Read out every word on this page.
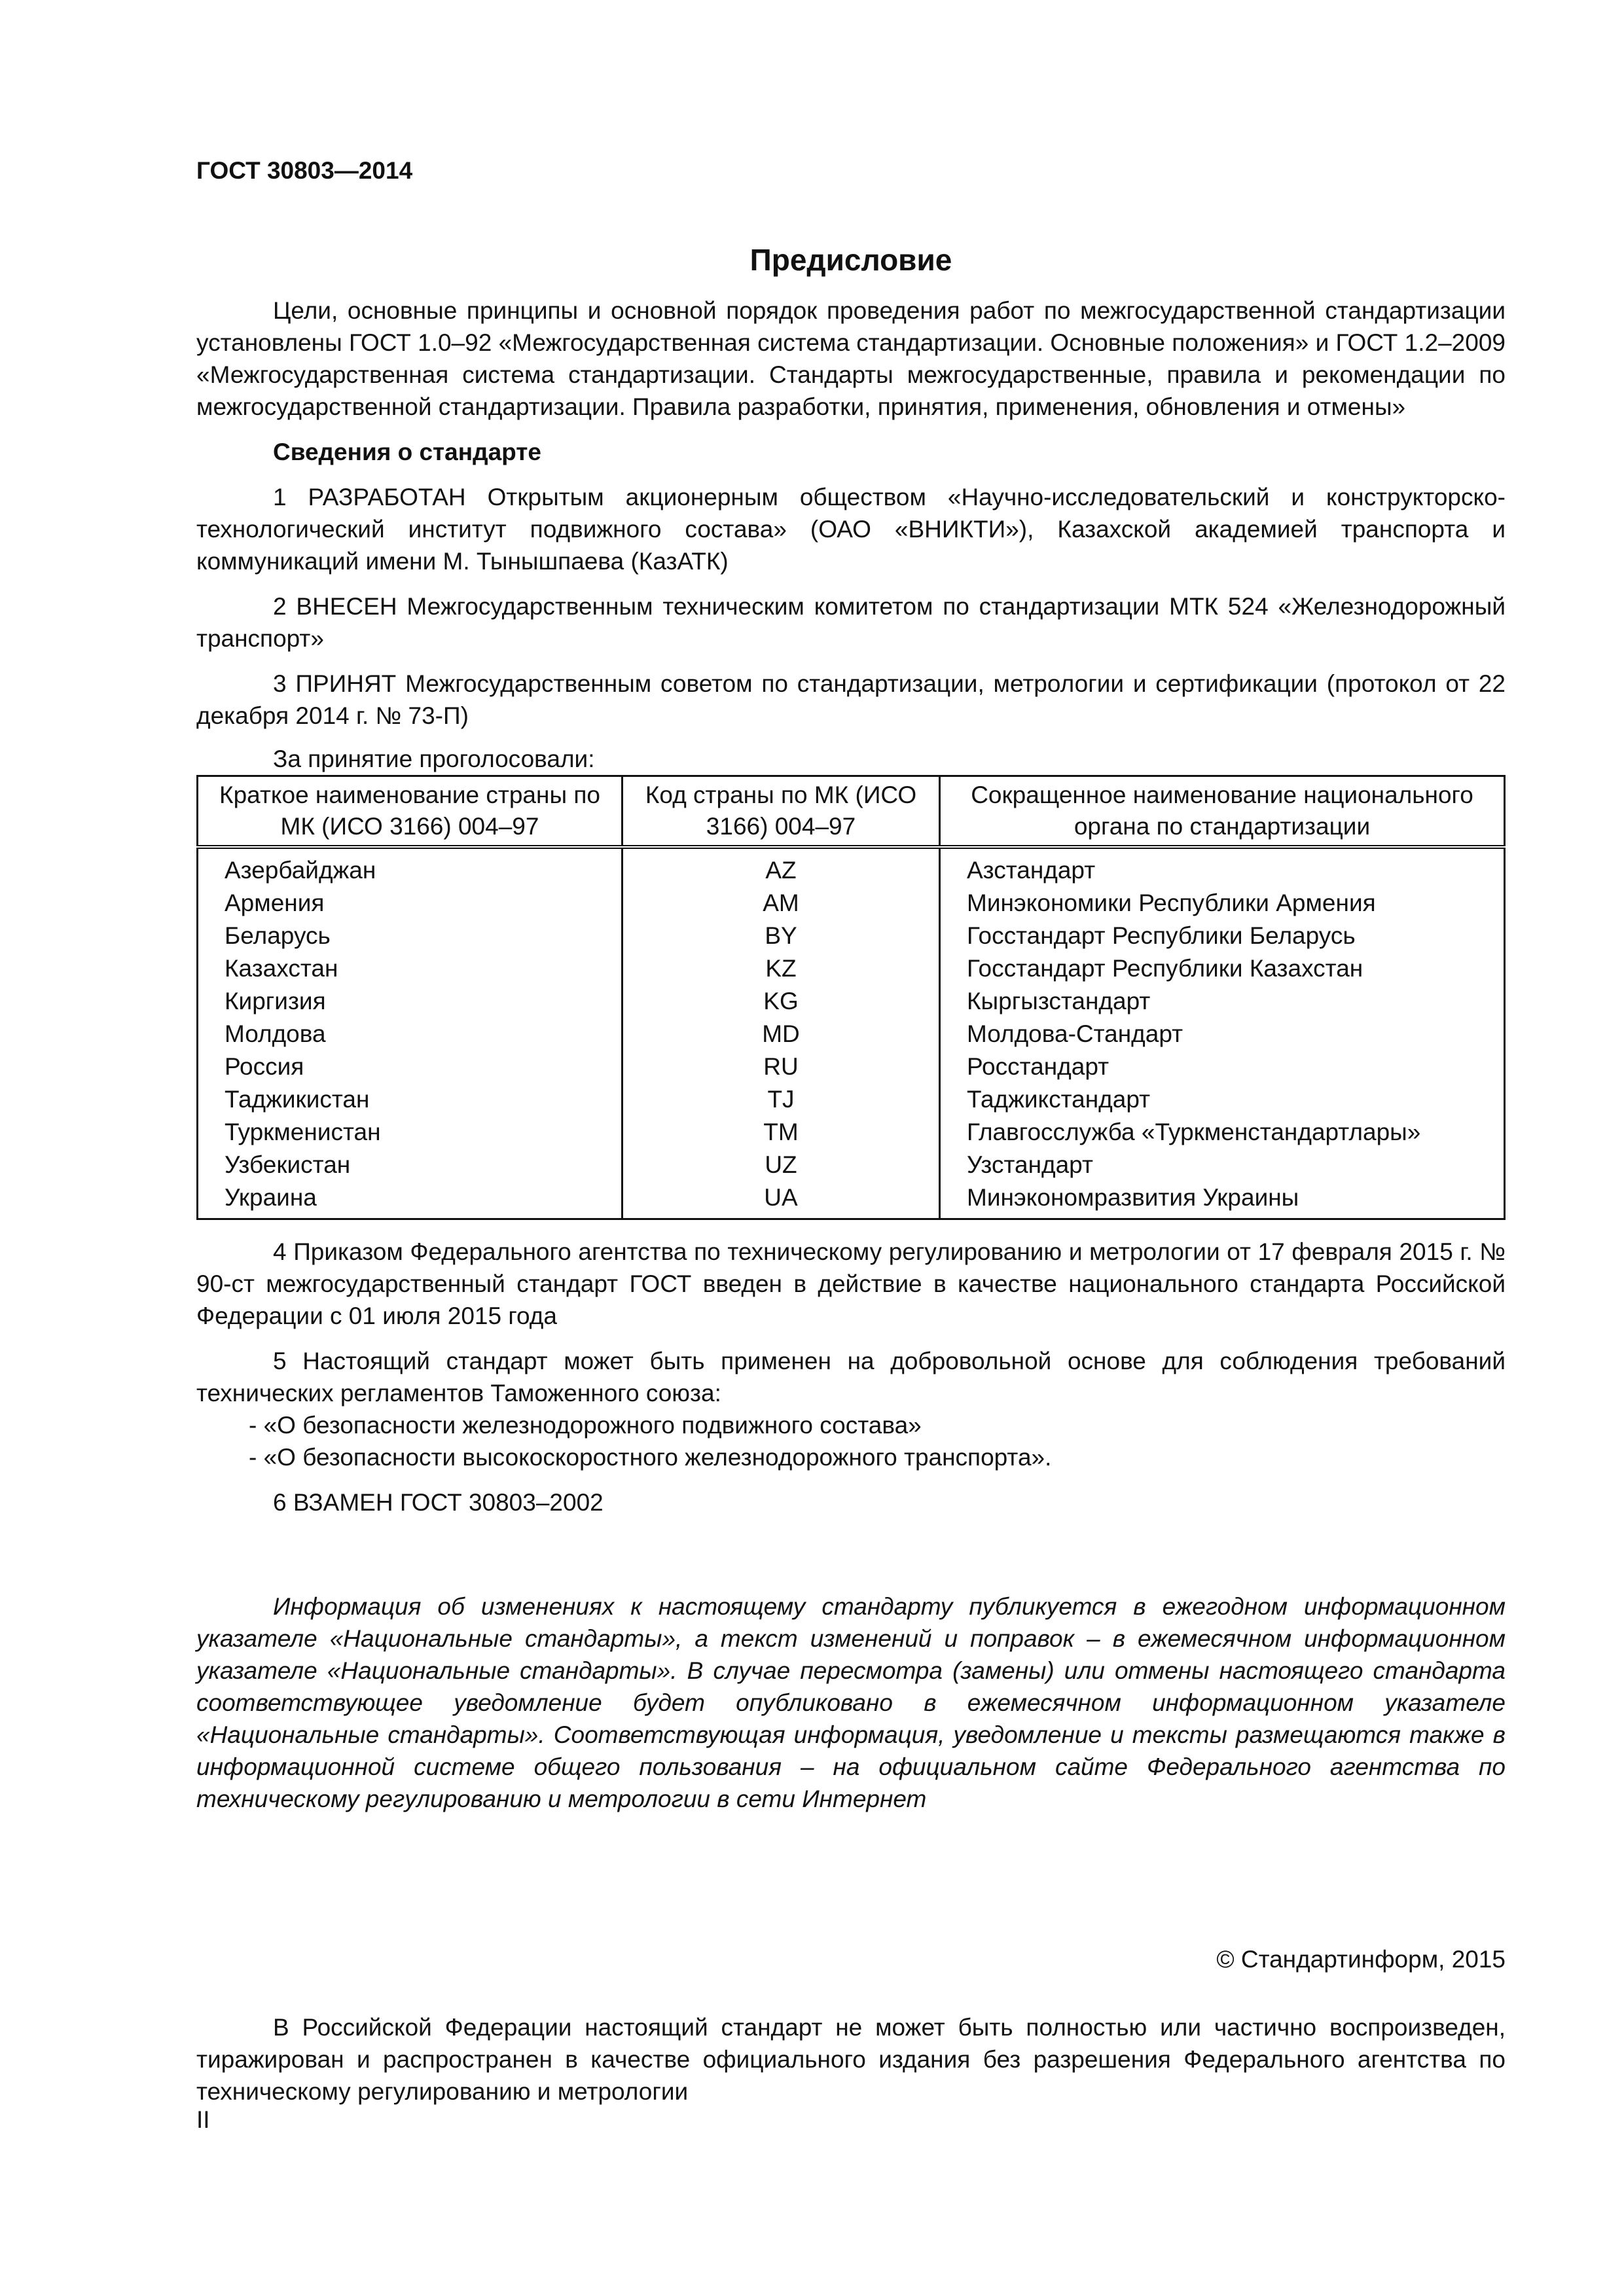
ГОСТ 30803—2014

Предисловие

Цели, основные принципы и основной порядок проведения работ по межгосударственной стандартизации установлены ГОСТ 1.0–92 «Межгосударственная система стандартизации. Основные положения» и ГОСТ 1.2–2009 «Межгосударственная система стандартизации. Стандарты межгосударственные, правила и рекомендации по межгосударственной стандартизации. Правила разработки, принятия, применения, обновления и отмены»

Сведения о стандарте

1 РАЗРАБОТАН Открытым акционерным обществом «Научно-исследовательский и конструкторско-технологический институт подвижного состава» (ОАО «ВНИКТИ»), Казахской академией транспорта и коммуникаций имени М. Тынышпаева (КазАТК)

2 ВНЕСЕН Межгосударственным техническим комитетом по стандартизации МТК 524 «Железнодорожный транспорт»

3 ПРИНЯТ Межгосударственным советом по стандартизации, метрологии и сертификации (протокол от 22 декабря 2014 г. № 73-П)

За принятие проголосовали:

Краткое наименование страны по МК (ИСО 3166) 004–97	Код страны по МК (ИСО 3166) 004–97	Сокращенное наименование национального органа по стандартизации
Азербайджан	AZ	Азстандарт
Армения	AM	Минэкономики Республики Армения
Беларусь	BY	Госстандарт Республики Беларусь
Казахстан	KZ	Госстандарт Республики Казахстан
Киргизия	KG	Кыргызстандарт
Молдова	MD	Молдова-Стандарт
Россия	RU	Росстандарт
Таджикистан	TJ	Таджикстандарт
Туркменистан	TM	Главгосслужба «Туркменстандартлары»
Узбекистан	UZ	Узстандарт
Украина	UA	Минэкономразвития Украины

4 Приказом Федерального агентства по техническому регулированию и метрологии от 17 февраля 2015 г. № 90-ст межгосударственный стандарт ГОСТ введен в действие в качестве национального стандарта Российской Федерации с 01 июля 2015 года

5 Настоящий стандарт может быть применен на добровольной основе для соблюдения требований технических регламентов Таможенного союза:

- «О безопасности железнодорожного подвижного состава»

- «О безопасности высокоскоростного железнодорожного транспорта».

6 ВЗАМЕН ГОСТ 30803–2002

Информация об изменениях к настоящему стандарту публикуется в ежегодном информационном указателе «Национальные стандарты», а текст изменений и поправок – в ежемесячном информационном указателе «Национальные стандарты». В случае пересмотра (замены) или отмены настоящего стандарта соответствующее уведомление будет опубликовано в ежемесячном информационном указателе «Национальные стандарты». Соответствующая информация, уведомление и тексты размещаются также в информационной системе общего пользования – на официальном сайте Федерального агентства по техническому регулированию и метрологии в сети Интернет

© Стандартинформ, 2015

В Российской Федерации настоящий стандарт не может быть полностью или частично воспроизведен, тиражирован и распространен в качестве официального издания без разрешения Федерального агентства по техническому регулированию и метрологии

II
